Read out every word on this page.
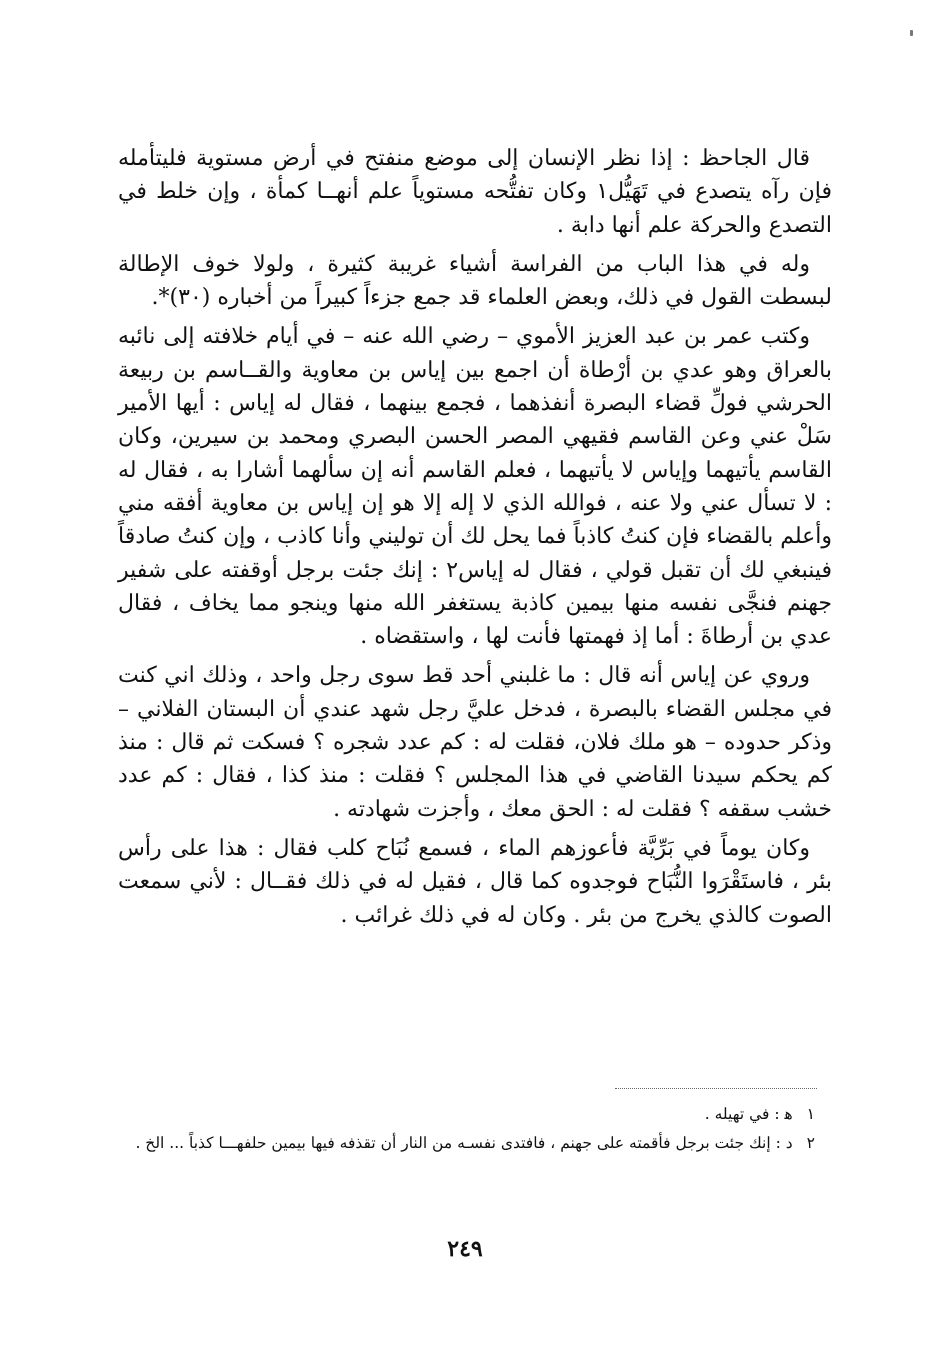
قال الجاحظ : إذا نظر الإنسان إلى موضع منفتح في أرض مستوية فليتأمله فإن رآه يتصدع في تَهَيُّل١ وكان تفتُّحه مستوياً علم أنهــا كمأة ، وإن خلط في التصدع والحركة علم أنها دابة .

وله في هذا الباب من الفراسة أشياء غريبة كثيرة ، ولولا خوف الإطالة لبسطت القول في ذلك، وبعض العلماء قد جمع جزءاً كبيراً من أخباره (٣٠)*.

وكتب عمر بن عبد العزيز الأموي – رضي الله عنه – في أيام خلافته إلى نائبه بالعراق وهو عدي بن أرْطاة أن اجمع بين إياس بن معاوية والقــاسم بن ربيعة الحرشي فولِّ قضاء البصرة أنفذهما ، فجمع بينهما ، فقال له إياس : أيها الأمير سَلْ عني وعن القاسم فقيهي المصر الحسن البصري ومحمد بن سيرين، وكان القاسم يأتيهما وإياس لا يأتيهما ، فعلم القاسم أنه إن سألهما أشارا به ، فقال له : لا تسأل عني ولا عنه ، فوالله الذي لا إله إلا هو إن إياس بن معاوية أفقه مني وأعلم بالقضاء فإن كنتُ كاذباً فما يحل لك أن توليني وأنا كاذب ، وإن كنتُ صادقاً فينبغي لك أن تقبل قولي ، فقال له إياس٢ : إنك جئت برجل أوقفته على شفير جهنم فنجَّى نفسه منها بيمين كاذبة يستغفر الله منها وينجو مما يخاف ، فقال عدي بن أرطاةَ : أما إذ فهمتها فأنت لها ، واستقضاه .

وروي عن إياس أنه قال : ما غلبني أحد قط سوى رجل واحد ، وذلك اني كنت في مجلس القضاء بالبصرة ، فدخل عليَّ رجل شهد عندي أن البستان الفلاني – وذكر حدوده – هو ملك فلان، فقلت له : كم عدد شجره ؟ فسكت ثم قال : منذ كم يحكم سيدنا القاضي في هذا المجلس ؟ فقلت : منذ كذا ، فقال : كم عدد خشب سقفه ؟ فقلت له : الحق معك ، وأجزت شهادته .

وكان يوماً في بَرِّيَّة فأعوزهم الماء ، فسمع نُبَاح كلب فقال : هذا على رأس بئر ، فاستَقْرَوا النُّبَاح فوجدوه كما قال ، فقيل له في ذلك فقــال : لأني سمعت الصوت كالذي يخرج من بئر . وكان له في ذلك غرائب .

١ﻫ : في تهيله .
٢د : إنك جئت برجل فأقمته على جهنم ، فافتدى نفسـه من النار أن تقذفه فيها بيمين حلفهـــا كذباً ... الخ .
٢٤٩
